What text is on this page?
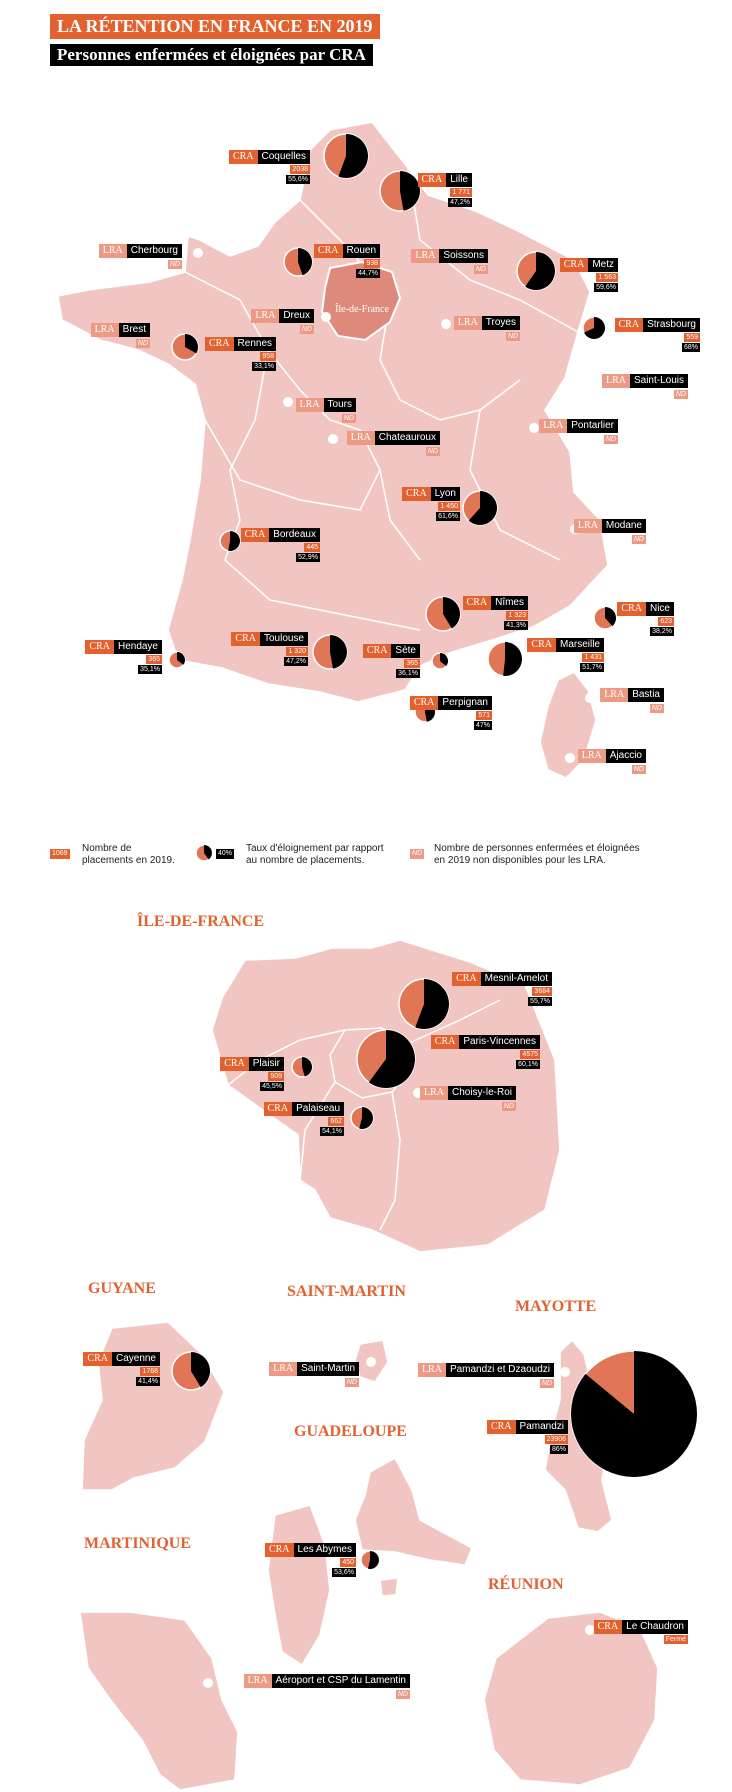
Île-de-France
LA RÉTENTION EN FRANCE EN 2019
Personnes enfermées et éloignées par CRA
ÎLE-DE-FRANCE
GUYANE	SAINT-MARTIN
MAYOTTE
GUADELOUPE
MARTINIQUE
RÉUNION
1069 Nombre de
placements en 2019.
40% Taux d'éloignement par rapport
au nombre de placements.
ND Nombre de personnes enfermées et éloignées
en 2019 non disponibles pour les LRA.
CRA Coquelles
2038
55,6%	CRA Lille
1 771
47,2%
LRA Cherbourg
ND
CRA Rouen
938
44,7%
LRA Soissons
ND	CRA Metz
1 563
59,6%
LRA Dreux
ND
LRA Troyes
ND
CRA Strasbourg
559
68%
LRA Brest
ND	CRA Rennes
958
33,1%
LRA Saint-Louis
ND
LRA Tours
ND
LRA Pontarlier
ND
LRA Chateauroux
ND
CRA Lyon
1 450
61,6%
LRA Modane
ND
CRA Bordeaux
445
52,9%
CRA Nîmes
1 323
41,3%
CRA Nice
623
38,2%
CRA Hendaye
365
35,1%
CRA Toulouse
1 320
47,2%
CRA Sète
365
36,1%
CRA Marseille
1 431
51,7%
LRA Bastia
ND
CRA Perpignan
571
47%
LRA Ajaccio
ND
CRA Mesnil-Amelot
3684
55,7%
CRA Paris-Vincennes
4575
60,1%
CRA Plaisir
509
45,5%
LRA Choisy-le-Roi
ND
CRA Palaiseau
662
54,1%
CRA Cayenne
1768
41,4%
LRA Saint-Martin
ND
LRA Pamandzi et Dzaoudzi
ND
CRA Pamandzi
23906
86%
CRA Les Abymes
450
53,6%
CRA Le Chaudron
Fermé
LRA Aéroport et CSP du Lamentin
ND
